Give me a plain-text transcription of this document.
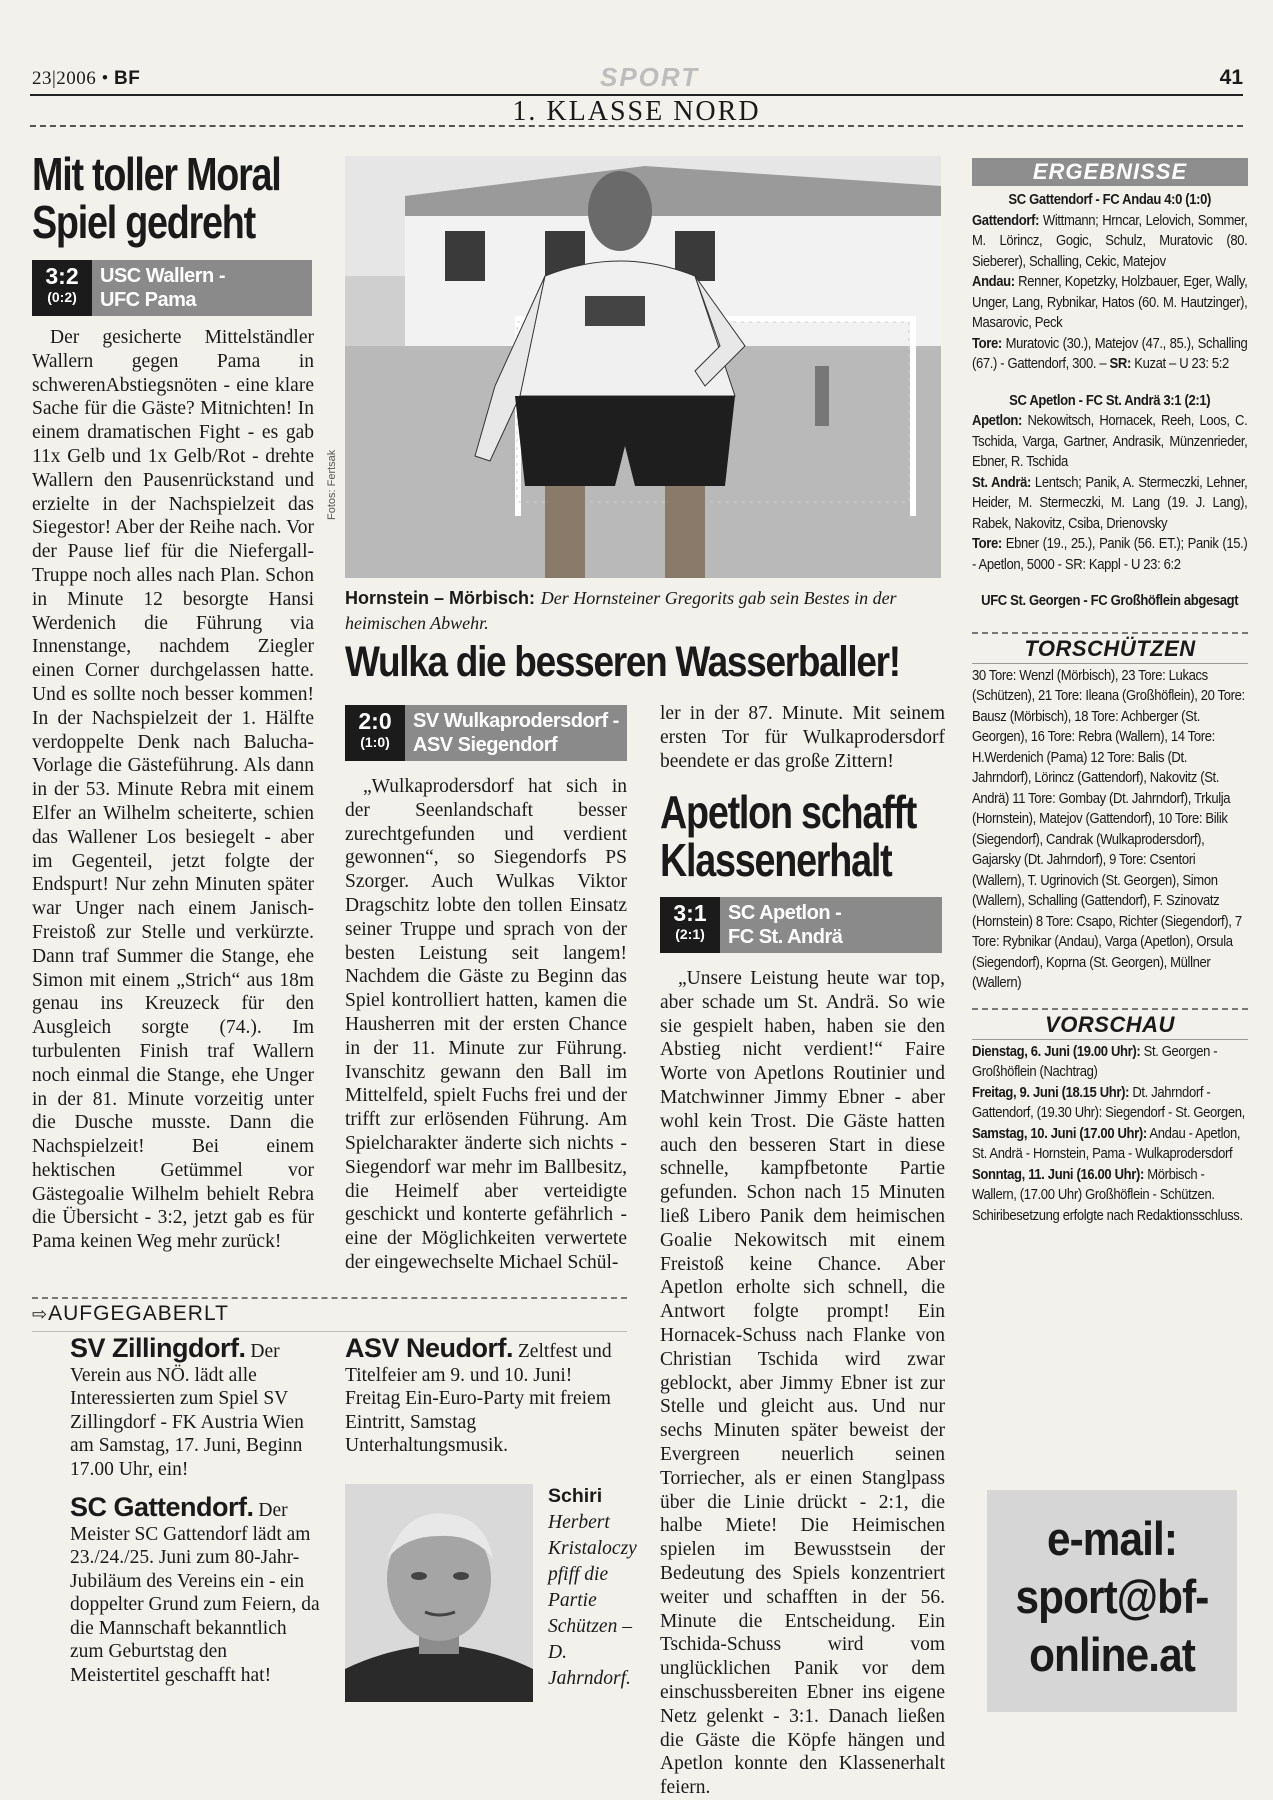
23|2006 • BF	SPORT	41
1. KLASSE NORD
Mit toller Moral
Spiel gedreht
3:2
(0:2)
USC Wallern -
UFC Pama
Der gesicherte Mittelständler Wallern gegen Pama in schwerenAbstiegsnöten - eine klare Sache für die Gäste? Mitnichten! In einem dramatischen Fight - es gab 11x Gelb und 1x Gelb/Rot - drehte Wallern den Pausenrückstand und erzielte in der Nachspielzeit das Siegestor! Aber der Reihe nach. Vor der Pause lief für die Niefergall-Truppe noch alles nach Plan. Schon in Minute 12 besorgte Hansi Werdenich die Führung via Innenstange, nachdem Ziegler einen Corner durchgelassen hatte. Und es sollte noch besser kommen! In der Nachspielzeit der 1. Hälfte verdoppelte Denk nach Balucha-Vorlage die Gästeführung. Als dann in der 53. Minute Rebra mit einem Elfer an Wilhelm scheiterte, schien das Wallener Los besiegelt - aber im Gegenteil, jetzt folgte der Endspurt! Nur zehn Minuten später war Unger nach einem Janisch-Freistoß zur Stelle und verkürzte. Dann traf Summer die Stange, ehe Simon mit einem „Strich“ aus 18m genau ins Kreuzeck für den Ausgleich sorgte (74.). Im turbulenten Finish traf Wallern noch einmal die Stange, ehe Unger in der 81. Minute vorzeitig unter die Dusche musste. Dann die Nachspielzeit! Bei einem hektischen Getümmel vor Gästegoalie Wilhelm behielt Rebra die Übersicht - 3:2, jetzt gab es für Pama keinen Weg mehr zurück!
Fotos: Fertsak
Hornstein – Mörbisch: Der Hornsteiner Gregorits gab sein Bestes in der heimischen Abwehr.
Wulka die besseren Wasserballer!
2:0
(1:0)
SV Wulkaprodersdorf -
ASV Siegendorf
„Wulkaprodersdorf hat sich in der Seenlandschaft besser zurechtgefunden und verdient gewonnen“, so Siegendorfs PS Szorger. Auch Wulkas Viktor Dragschitz lobte den tollen Einsatz seiner Truppe und sprach von der besten Leistung seit langem! Nachdem die Gäste zu Beginn das Spiel kontrolliert hatten, kamen die Hausherren mit der ersten Chance in der 11. Minute zur Führung. Ivanschitz gewann den Ball im Mittelfeld, spielt Fuchs frei und der trifft zur erlösenden Führung. Am Spielcharakter änderte sich nichts - Siegendorf war mehr im Ballbesitz, die Heimelf aber verteidigte geschickt und konterte gefährlich - eine der Möglichkeiten verwertete der eingewechselte Michael Schül-
ler in der 87. Minute. Mit seinem ersten Tor für Wulkaprodersdorf beendete er das große Zittern!
Apetlon schafft
Klassenerhalt
3:1
(2:1)
SC Apetlon -
FC St. Andrä
„Unsere Leistung heute war top, aber schade um St. Andrä. So wie sie gespielt haben, haben sie den Abstieg nicht verdient!“ Faire Worte von Apetlons Routinier und Matchwinner Jimmy Ebner - aber wohl kein Trost. Die Gäste hatten auch den besseren Start in diese schnelle, kampfbetonte Partie gefunden. Schon nach 15 Minuten ließ Libero Panik dem heimischen Goalie Nekowitsch mit einem Freistoß keine Chance. Aber Apetlon erholte sich schnell, die Antwort folgte prompt! Ein Hornacek-Schuss nach Flanke von Christian Tschida wird zwar geblockt, aber Jimmy Ebner ist zur Stelle und gleicht aus. Und nur sechs Minuten später beweist der Evergreen neuerlich seinen Torriecher, als er einen Stanglpass über die Linie drückt - 2:1, die halbe Miete! Die Heimischen spielen im Bewusstsein der Bedeutung des Spiels konzentriert weiter und schafften in der 56. Minute die Entscheidung. Ein Tschida-Schuss wird vom unglücklichen Panik vor dem einschussbereiten Ebner ins eigene Netz gelenkt - 3:1. Danach ließen die Gäste die Köpfe hängen und Apetlon konnte den Klassenerhalt feiern.
⇨AUFGEGABERLT
SV Zillingdorf. Der Verein aus NÖ. lädt alle Interessierten zum Spiel SV Zillingdorf - FK Austria Wien am Samstag, 17. Juni, Beginn 17.00 Uhr, ein!
ASV Neudorf. Zeltfest und Titelfeier am 9. und 10. Juni! Freitag Ein-Euro-Party mit freiem Eintritt, Samstag Unterhaltungsmusik.
SC Gattendorf. Der Meister SC Gattendorf lädt am 23./24./25. Juni zum 80-Jahr-Jubiläum des Vereins ein - ein doppelter Grund zum Feiern, da die Mannschaft bekanntlich zum Geburtstag den Meistertitel geschafft hat!
Schiri
Herbert Kristaloczy pfiff die Partie Schützen – D. Jahrndorf.
ERGEBNISSE
SC Gattendorf - FC Andau 4:0 (1:0)
Gattendorf: Wittmann; Hrncar, Lelovich, Sommer, M. Lörincz, Gogic, Schulz, Muratovic (80. Sieberer), Schalling, Cekic, Matejov
Andau: Renner, Kopetzky, Holzbauer, Eger, Wally, Unger, Lang, Rybnikar, Hatos (60. M. Hautzinger), Masarovic, Peck
Tore: Muratovic (30.), Matejov (47., 85.), Schalling (67.) - Gattendorf, 300. – SR: Kuzat – U 23: 5:2
SC Apetlon - FC St. Andrä 3:1 (2:1)
Apetlon: Nekowitsch, Hornacek, Reeh, Loos, C. Tschida, Varga, Gartner, Andrasik, Münzenrieder, Ebner, R. Tschida
St. Andrä: Lentsch; Panik, A. Stermeczki, Lehner, Heider, M. Stermeczki, M. Lang (19. J. Lang), Rabek, Nakovitz, Csiba, Drienovsky
Tore: Ebner (19., 25.), Panik (56. ET.); Panik (15.) - Apetlon, 5000 - SR: Kappl - U 23: 6:2
UFC St. Georgen - FC Großhöflein abgesagt
TORSCHÜTZEN
30 Tore: Wenzl (Mörbisch), 23 Tore: Lukacs (Schützen), 21 Tore: Ileana (Großhöflein), 20 Tore: Bausz (Mörbisch), 18 Tore: Achberger (St. Georgen), 16 Tore: Rebra (Wallern), 14 Tore: H.Werdenich (Pama) 12 Tore: Balis (Dt. Jahrndorf), Lörincz (Gattendorf), Nakovitz (St. Andrä) 11 Tore: Gombay (Dt. Jahrndorf), Trkulja (Hornstein), Matejov (Gattendorf), 10 Tore: Bilik (Siegendorf), Candrak (Wulkaprodersdorf), Gajarsky (Dt. Jahrndorf), 9 Tore: Csentori (Wallern), T. Ugrinovich (St. Georgen), Simon (Wallern), Schalling (Gattendorf), F. Szinovatz (Hornstein) 8 Tore: Csapo, Richter (Siegendorf), 7 Tore: Rybnikar (Andau), Varga (Apetlon), Orsula (Siegendorf), Koprna (St. Georgen), Müllner (Wallern)
VORSCHAU
Dienstag, 6. Juni (19.00 Uhr): St. Georgen - Großhöflein (Nachtrag)
Freitag, 9. Juni (18.15 Uhr): Dt. Jahrndorf - Gattendorf, (19.30 Uhr): Siegendorf - St. Georgen,
Samstag, 10. Juni (17.00 Uhr): Andau - Apetlon, St. Andrä - Hornstein, Pama - Wulkaprodersdorf
Sonntag, 11. Juni (16.00 Uhr): Mörbisch - Wallern, (17.00 Uhr) Großhöflein - Schützen.
Schiribesetzung erfolgte nach Redaktionsschluss.
e-mail:
sport@bf-
online.at
